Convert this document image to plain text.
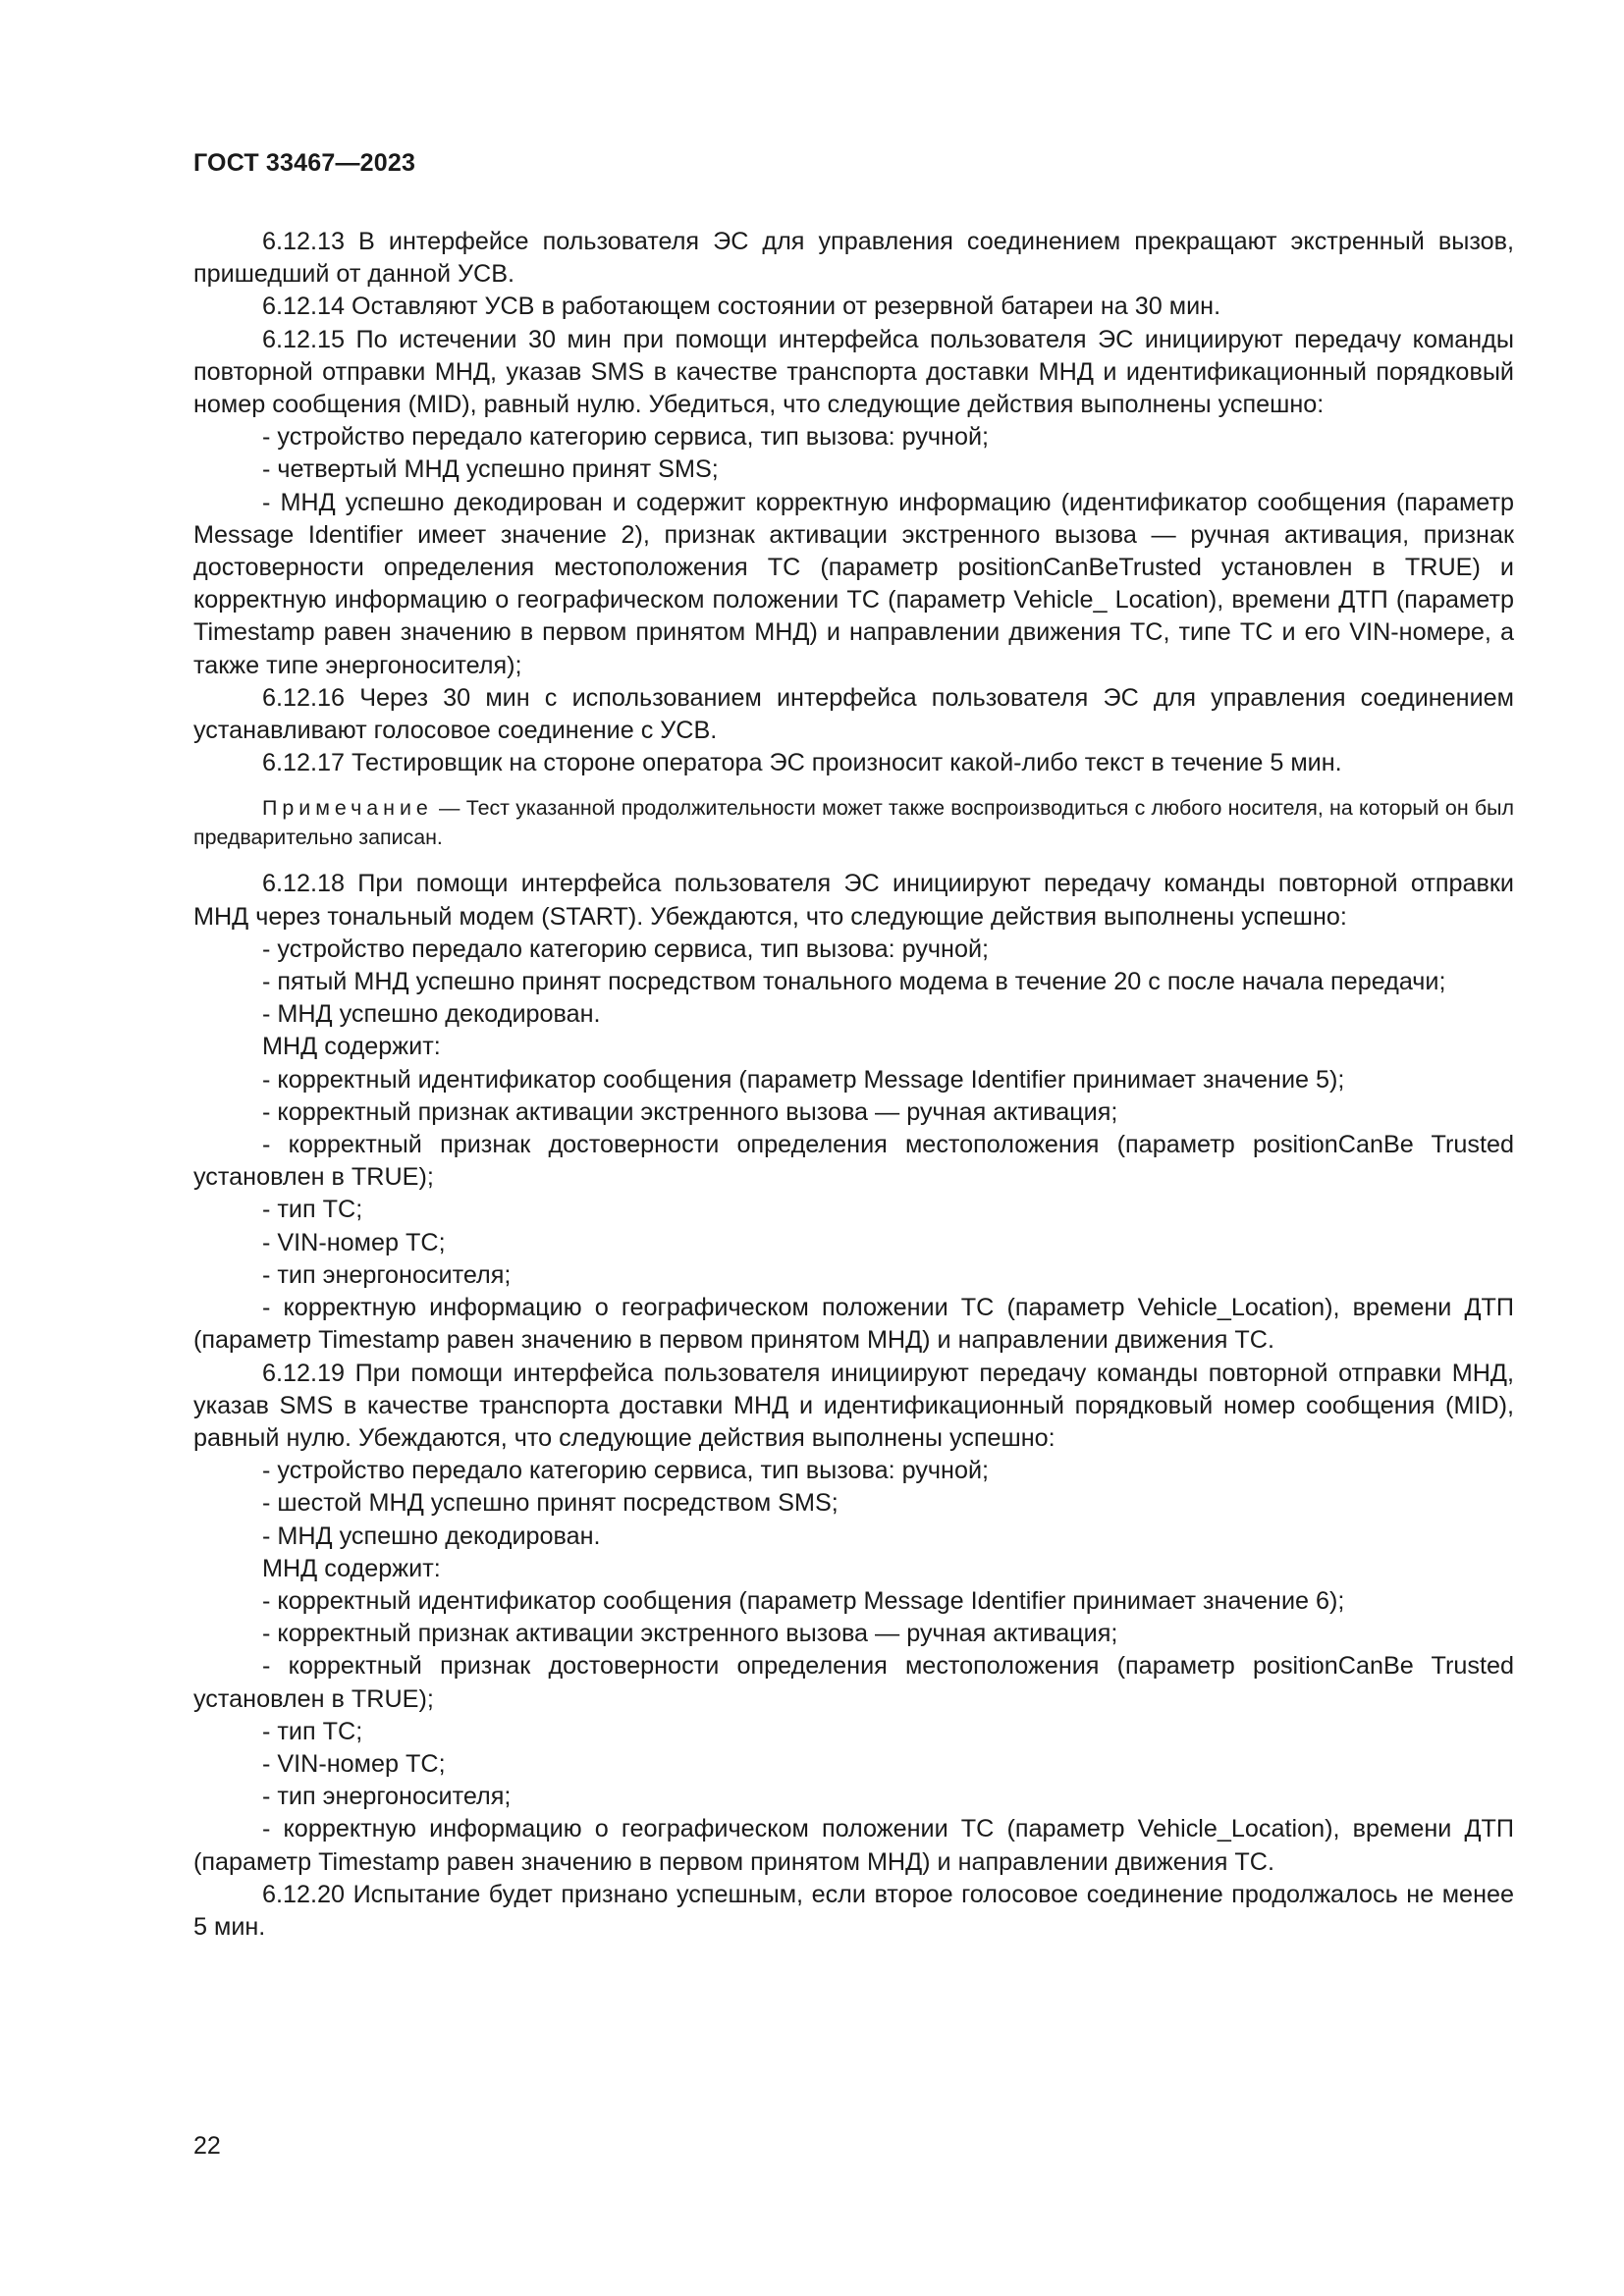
ГОСТ 33467—2023

6.12.13 В интерфейсе пользователя ЭС для управления соединением прекращают экстренный вызов, пришедший от данной УСВ.

6.12.14 Оставляют УСВ в работающем состоянии от резервной батареи на 30 мин.

6.12.15 По истечении 30 мин при помощи интерфейса пользователя ЭС инициируют передачу команды повторной отправки МНД, указав SMS в качестве транспорта доставки МНД и идентификационный порядковый номер сообщения (MID), равный нулю. Убедиться, что следующие действия выполнены успешно:

- устройство передало категорию сервиса, тип вызова: ручной;

- четвертый МНД успешно принят SMS;

- МНД успешно декодирован и содержит корректную информацию (идентификатор сообщения (параметр Message Identifier имеет значение 2), признак активации экстренного вызова — ручная активация, признак достоверности определения местоположения ТС (параметр positionCanBeTrusted установлен в TRUE) и корректную информацию о географическом положении ТС (параметр Vehicle_ Location), времени ДТП (параметр Timestamp равен значению в первом принятом МНД) и направлении движения ТС, типе ТС и его VIN-номере, а также типе энергоносителя);

6.12.16 Через 30 мин с использованием интерфейса пользователя ЭС для управления соединением устанавливают голосовое соединение с УСВ.

6.12.17 Тестировщик на стороне оператора ЭС произносит какой-либо текст в течение 5 мин.

Примечание — Тест указанной продолжительности может также воспроизводиться с любого носителя, на который он был предварительно записан.

6.12.18 При помощи интерфейса пользователя ЭС инициируют передачу команды повторной отправки МНД через тональный модем (START). Убеждаются, что следующие действия выполнены успешно:

- устройство передало категорию сервиса, тип вызова: ручной;

- пятый МНД успешно принят посредством тонального модема в течение 20 с после начала передачи;

- МНД успешно декодирован.

МНД содержит:

- корректный идентификатор сообщения (параметр Message Identifier принимает значение 5);

- корректный признак активации экстренного вызова — ручная активация;

- корректный признак достоверности определения местоположения (параметр positionCanBe Trusted установлен в TRUE);

- тип ТС;

- VIN-номер ТС;

- тип энергоносителя;

- корректную информацию о географическом положении ТС (параметр Vehicle_Location), времени ДТП (параметр Timestamp равен значению в первом принятом МНД) и направлении движения ТС.

6.12.19 При помощи интерфейса пользователя инициируют передачу команды повторной отправки МНД, указав SMS в качестве транспорта доставки МНД и идентификационный порядковый номер сообщения (MID), равный нулю. Убеждаются, что следующие действия выполнены успешно:

- устройство передало категорию сервиса, тип вызова: ручной;

- шестой МНД успешно принят посредством SMS;

- МНД успешно декодирован.

МНД содержит:

- корректный идентификатор сообщения (параметр Message Identifier принимает значение 6);

- корректный признак активации экстренного вызова — ручная активация;

- корректный признак достоверности определения местоположения (параметр positionCanBe Trusted установлен в TRUE);

- тип ТС;

- VIN-номер ТС;

- тип энергоносителя;

- корректную информацию о географическом положении ТС (параметр Vehicle_Location), времени ДТП (параметр Timestamp равен значению в первом принятом МНД) и направлении движения ТС.

6.12.20 Испытание будет признано успешным, если второе голосовое соединение продолжалось не менее 5 мин.

22
